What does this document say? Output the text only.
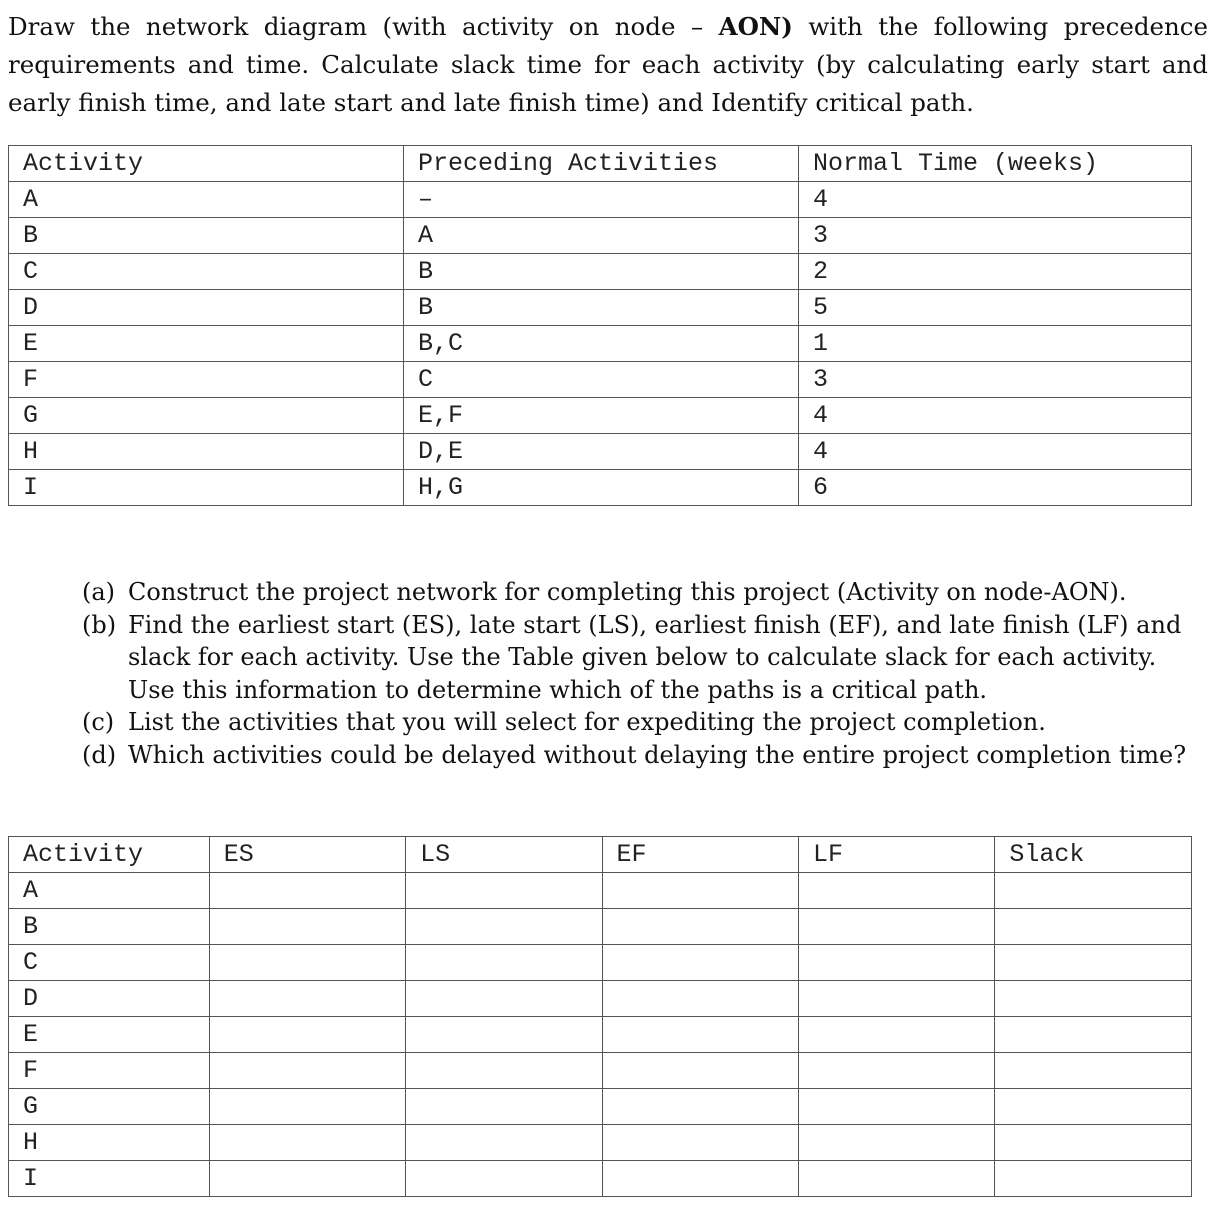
Draw the network diagram (with activity on node – AON) with the following precedence requirements and time. Calculate slack time for each activity (by calculating early start and early finish time, and late start and late finish time) and Identify critical path.

Activity	Preceding Activities	Normal Time (weeks)
A	–	4
B	A	3
C	B	2
D	B	5
E	B,C	1
F	C	3
G	E,F	4
H	D,E	4
I	H,G	6
(a) Construct the project network for completing this project (Activity on node-AON).
(b) Find the earliest start (ES), late start (LS), earliest finish (EF), and late finish (LF) and slack for each activity. Use the Table given below to calculate slack for each activity. Use this information to determine which of the paths is a critical path.
(c) List the activities that you will select for expediting the project completion.
(d) Which activities could be delayed without delaying the entire project completion time?
Activity	ES	LS	EF	LF	Slack
A					
B					
C					
D					
E					
F					
G					
H					
I					
